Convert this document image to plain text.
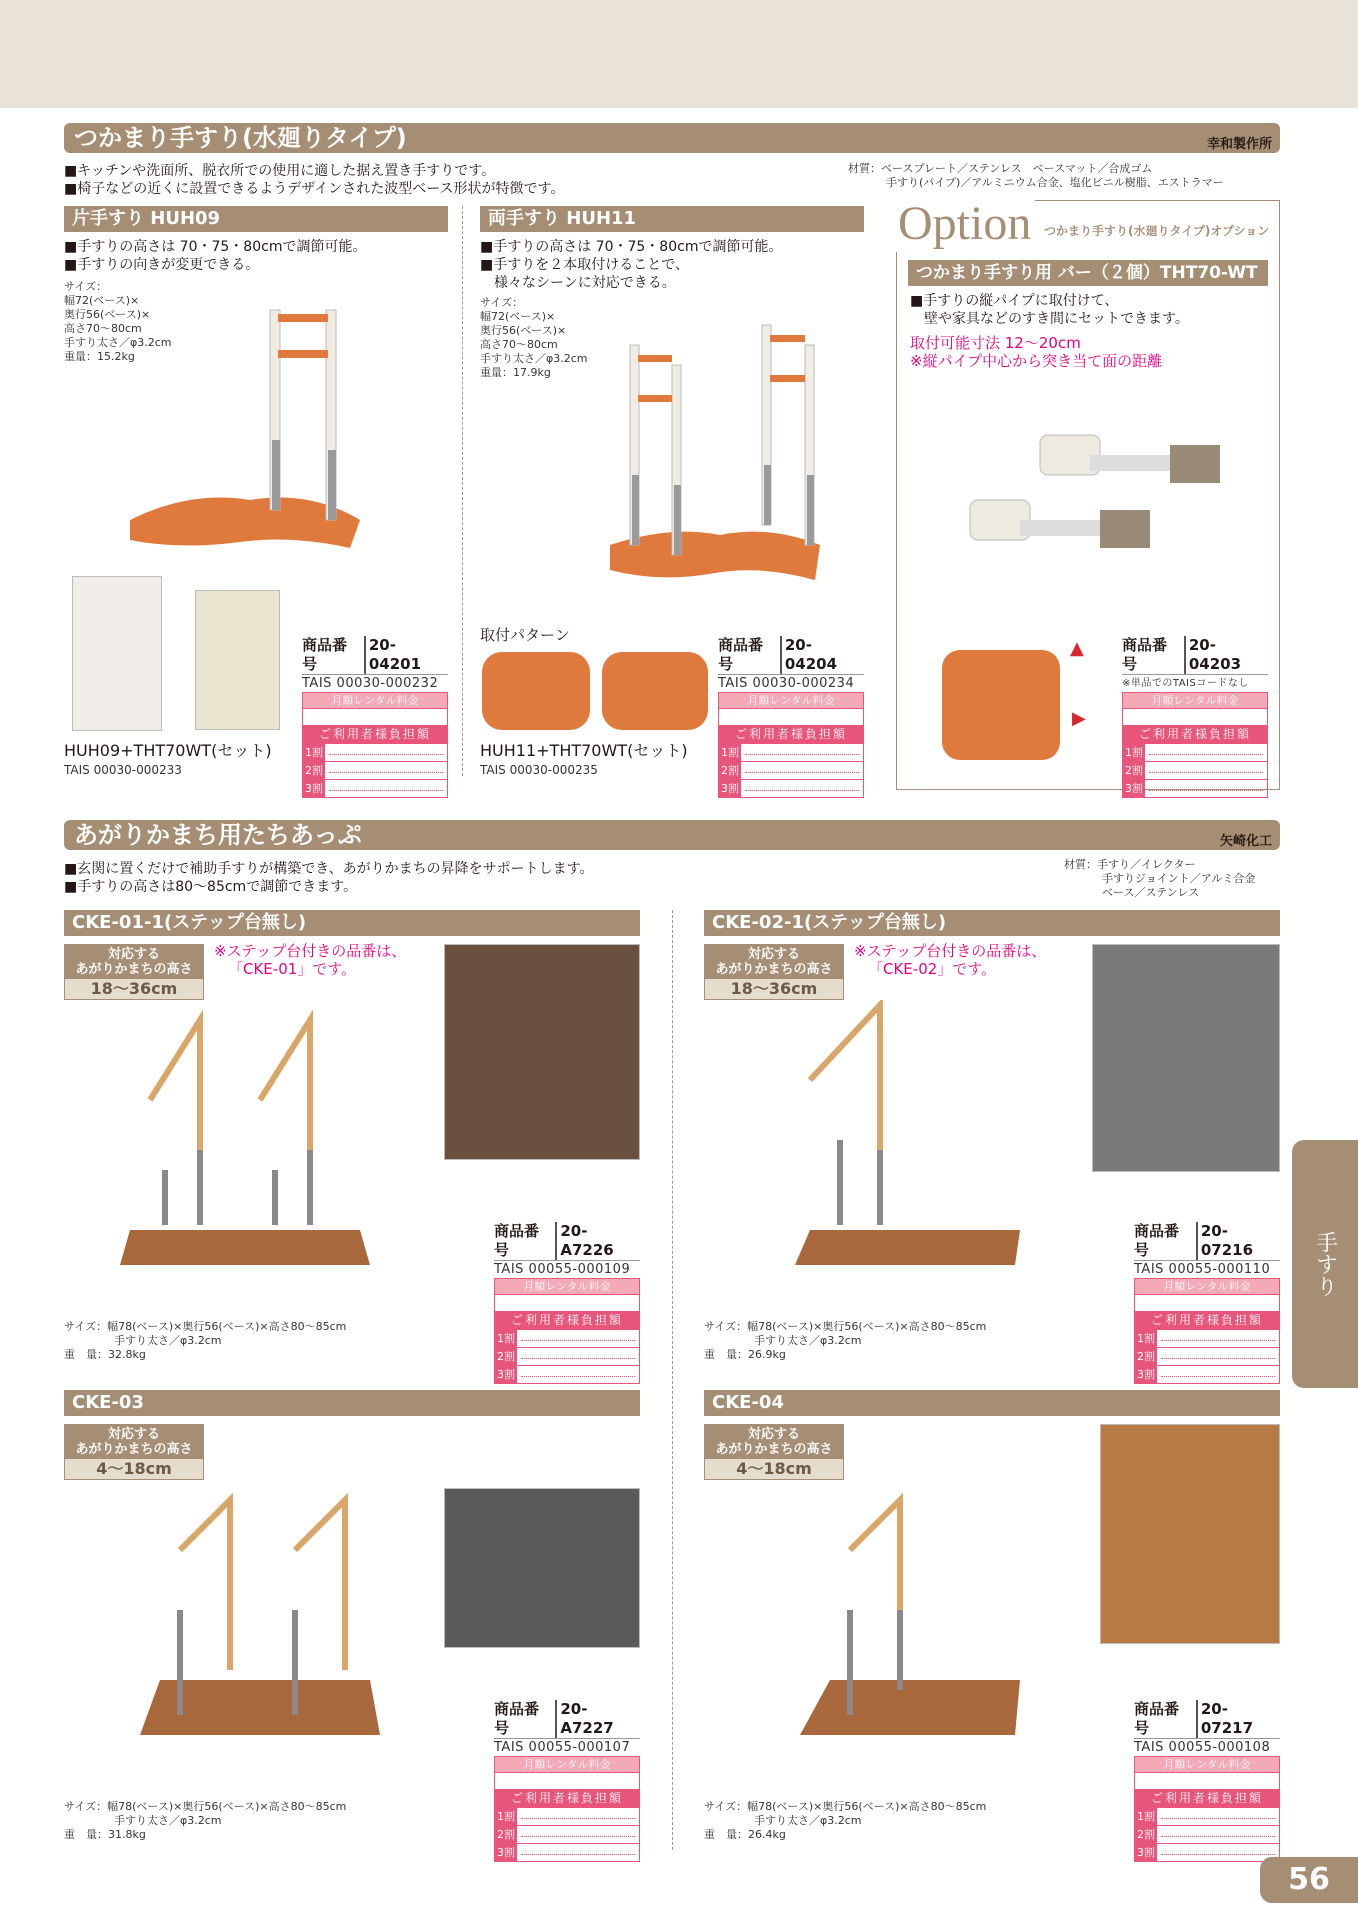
つかまり手すり(水廻りタイプ)	幸和製作所
■キッチンや洗面所、脱衣所での使用に適した据え置き手すりです。
■椅子などの近くに設置できるようデザインされた波型ベース形状が特徴です。
材質：ベースプレート／ステンレス　ベースマット／合成ゴム
手すり(パイプ)／アルミニウム合金、塩化ビニル樹脂、エストラマー
片手すり HUH09
■手すりの高さは 70・75・80cmで調節可能。
■手すりの向きが変更できる。
サイズ：
幅72(ベース)×
奥行56(ベース)×
高さ70～80cm
手すり太さ／φ3.2cm
重量：15.2kg
HUH09+THT70WT(セット)
TAIS 00030-000233
商品番号
20-04201
TAIS 00030-000232
月額レンタル料金
ご利用者様負担額
1割
2割
3割
両手すり HUH11
■手すりの高さは 70・75・80cmで調節可能。
■手すりを２本取付けることで、
　様々なシーンに対応できる。
サイズ：
幅72(ベース)×
奥行56(ベース)×
高さ70～80cm
手すり太さ／φ3.2cm
重量：17.9kg
取付パターン
HUH11+THT70WT(セット)
TAIS 00030-000235
商品番号
20-04204
TAIS 00030-000234
月額レンタル料金
ご利用者様負担額
1割
2割
3割
Option	つかまり手すり(水廻りタイプ)オプション
つかまり手すり用 バー（２個）THT70-WT
■手すりの縦パイプに取付けて、
　壁や家具などのすき間にセットできます。
取付可能寸法 12～20cm
※縦パイプ中心から突き当て面の距離
▲
▶
商品番号
20-04203
※単品でのTAISコードなし
月額レンタル料金
ご利用者様負担額
1割
2割
3割
あがりかまち用たちあっぷ	矢崎化工
■玄関に置くだけで補助手すりが構築でき、あがりかまちの昇降をサポートします。
■手すりの高さは80～85cmで調節できます。
材質：手すり／イレクター
手すりジョイント／アルミ合金
ベース／ステンレス
CKE-01-1(ステップ台無し)
対応する
あがりかまちの高さ
18～36cm
※ステップ台付きの品番は、
「CKE-01」です。
サイズ：幅78(ベース)×奥行56(ベース)×高さ80～85cm
手すり太さ／φ3.2cm
重　量：32.8kg
商品番号
20-A7226
TAIS 00055-000109
月額レンタル料金
ご利用者様負担額
1割
2割
3割
CKE-02-1(ステップ台無し)
対応する
あがりかまちの高さ
18～36cm
※ステップ台付きの品番は、
「CKE-02」です。
サイズ：幅78(ベース)×奥行56(ベース)×高さ80～85cm
手すり太さ／φ3.2cm
重　量：26.9kg
商品番号
20-07216
TAIS 00055-000110
月額レンタル料金
ご利用者様負担額
1割
2割
3割
CKE-03
対応する
あがりかまちの高さ
4～18cm
サイズ：幅78(ベース)×奥行56(ベース)×高さ80～85cm
手すり太さ／φ3.2cm
重　量：31.8kg
商品番号
20-A7227
TAIS 00055-000107
月額レンタル料金
ご利用者様負担額
1割
2割
3割
CKE-04
対応する
あがりかまちの高さ
4～18cm
サイズ：幅78(ベース)×奥行56(ベース)×高さ80～85cm
手すり太さ／φ3.2cm
重　量：26.4kg
商品番号
20-07217
TAIS 00055-000108
月額レンタル料金
ご利用者様負担額
1割
2割
3割
手すり
56
